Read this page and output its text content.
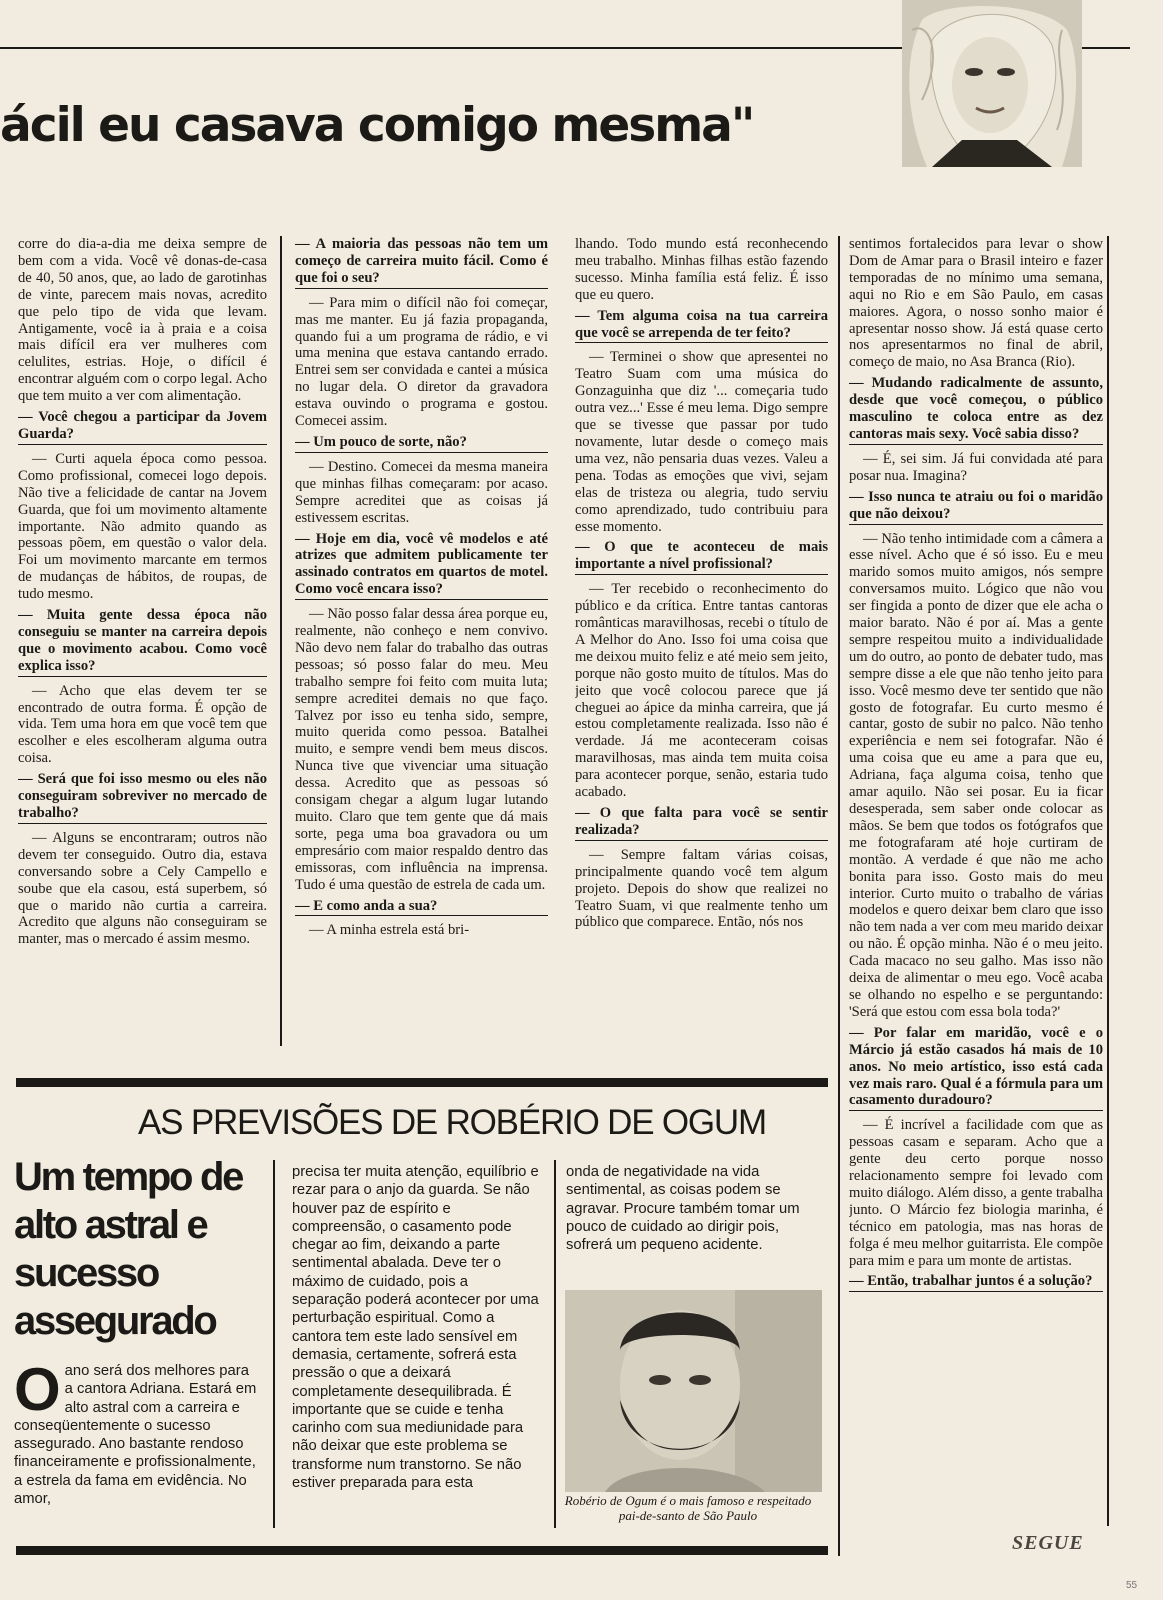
ácil eu casava comigo mesma"

corre do dia-a-dia me deixa sempre de bem com a vida. Você vê donas-de-casa de 40, 50 anos, que, ao lado de garotinhas de vinte, parecem mais novas, acredito que pelo tipo de vida que levam. Antigamente, você ia à praia e a coisa mais difícil era ver mulheres com celulites, estrias. Hoje, o difícil é encontrar alguém com o corpo legal. Acho que tem muito a ver com alimentação.

— Você chegou a participar da Jovem Guarda?

— Curti aquela época como pessoa. Como profissional, comecei logo depois. Não tive a felicidade de cantar na Jovem Guarda, que foi um movimento altamente importante. Não admito quando as pessoas põem, em questão o valor dela. Foi um movimento marcante em termos de mudanças de hábitos, de roupas, de tudo mesmo.

— Muita gente dessa época não conseguiu se manter na carreira depois que o movimento acabou. Como você explica isso?

— Acho que elas devem ter se encontrado de outra forma. É opção de vida. Tem uma hora em que você tem que escolher e eles escolheram alguma outra coisa.

— Será que foi isso mesmo ou eles não conseguiram sobreviver no mercado de trabalho?

— Alguns se encontraram; outros não devem ter conseguido. Outro dia, estava conversando sobre a Cely Campello e soube que ela casou, está superbem, só que o marido não curtia a carreira. Acredito que alguns não conseguiram se manter, mas o mercado é assim mesmo.

— A maioria das pessoas não tem um começo de carreira muito fácil. Como é que foi o seu?

— Para mim o difícil não foi começar, mas me manter. Eu já fazia propaganda, quando fui a um programa de rádio, e vi uma menina que estava cantando errado. Entrei sem ser convidada e cantei a música no lugar dela. O diretor da gravadora estava ouvindo o programa e gostou. Comecei assim.

— Um pouco de sorte, não?

— Destino. Comecei da mesma maneira que minhas filhas começaram: por acaso. Sempre acreditei que as coisas já estivessem escritas.

— Hoje em dia, você vê modelos e até atrizes que admitem publicamente ter assinado contratos em quartos de motel. Como você encara isso?

— Não posso falar dessa área porque eu, realmente, não conheço e nem convivo. Não devo nem falar do trabalho das outras pessoas; só posso falar do meu. Meu trabalho sempre foi feito com muita luta; sempre acreditei demais no que faço. Talvez por isso eu tenha sido, sempre, muito querida como pessoa. Batalhei muito, e sempre vendi bem meus discos. Nunca tive que vivenciar uma situação dessa. Acredito que as pessoas só consigam chegar a algum lugar lutando muito. Claro que tem gente que dá mais sorte, pega uma boa gravadora ou um empresário com maior respaldo dentro das emissoras, com influência na imprensa. Tudo é uma questão de estrela de cada um.

— E como anda a sua?

— A minha estrela está bri-

lhando. Todo mundo está reconhecendo meu trabalho. Minhas filhas estão fazendo sucesso. Minha família está feliz. É isso que eu quero.

— Tem alguma coisa na tua carreira que você se arrependa de ter feito?

— Terminei o show que apresentei no Teatro Suam com uma música do Gonzaguinha que diz '... começaria tudo outra vez...' Esse é meu lema. Digo sempre que se tivesse que passar por tudo novamente, lutar desde o começo mais uma vez, não pensaria duas vezes. Valeu a pena. Todas as emoções que vivi, sejam elas de tristeza ou alegria, tudo serviu como aprendizado, tudo contribuiu para esse momento.

— O que te aconteceu de mais importante a nível profissional?

— Ter recebido o reconhecimento do público e da crítica. Entre tantas cantoras românticas maravilhosas, recebi o título de A Melhor do Ano. Isso foi uma coisa que me deixou muito feliz e até meio sem jeito, porque não gosto muito de títulos. Mas do jeito que você colocou parece que já cheguei ao ápice da minha carreira, que já estou completamente realizada. Isso não é verdade. Já me aconteceram coisas maravilhosas, mas ainda tem muita coisa para acontecer porque, senão, estaria tudo acabado.

— O que falta para você se sentir realizada?

— Sempre faltam várias coisas, principalmente quando você tem algum projeto. Depois do show que realizei no Teatro Suam, vi que realmente tenho um público que comparece. Então, nós nos

sentimos fortalecidos para levar o show Dom de Amar para o Brasil inteiro e fazer temporadas de no mínimo uma semana, aqui no Rio e em São Paulo, em casas maiores. Agora, o nosso sonho maior é apresentar nosso show. Já está quase certo nos apresentarmos no final de abril, começo de maio, no Asa Branca (Rio).

— Mudando radicalmente de assunto, desde que você começou, o público masculino te coloca entre as dez cantoras mais sexy. Você sabia disso?

— É, sei sim. Já fui convidada até para posar nua. Imagina?

— Isso nunca te atraiu ou foi o maridão que não deixou?

— Não tenho intimidade com a câmera a esse nível. Acho que é só isso. Eu e meu marido somos muito amigos, nós sempre conversamos muito. Lógico que não vou ser fingida a ponto de dizer que ele acha o maior barato. Não é por aí. Mas a gente sempre respeitou muito a individualidade um do outro, ao ponto de debater tudo, mas sempre disse a ele que não tenho jeito para isso. Você mesmo deve ter sentido que não gosto de fotografar. Eu curto mesmo é cantar, gosto de subir no palco. Não tenho experiência e nem sei fotografar. Não é uma coisa que eu ame a para que eu, Adriana, faça alguma coisa, tenho que amar aquilo. Não sei posar. Eu ia ficar desesperada, sem saber onde colocar as mãos. Se bem que todos os fotógrafos que me fotografaram até hoje curtiram de montão. A verdade é que não me acho bonita para isso. Gosto mais do meu interior. Curto muito o trabalho de várias modelos e quero deixar bem claro que isso não tem nada a ver com meu marido deixar ou não. É opção minha. Não é o meu jeito. Cada macaco no seu galho. Mas isso não deixa de alimentar o meu ego. Você acaba se olhando no espelho e se perguntando: 'Será que estou com essa bola toda?'

— Por falar em maridão, você e o Márcio já estão casados há mais de 10 anos. No meio artístico, isso está cada vez mais raro. Qual é a fórmula para um casamento duradouro?

— É incrível a facilidade com que as pessoas casam e separam. Acho que a gente deu certo porque nosso relacionamento sempre foi levado com muito diálogo. Além disso, a gente trabalha junto. O Márcio fez biologia marinha, é técnico em patologia, mas nas horas de folga é meu melhor guitarrista. Ele compõe para mim e para um monte de artistas.

— Então, trabalhar juntos é a solução?

AS PREVISÕES DE ROBÉRIO DE OGUM
Um tempo de alto astral e sucesso assegurado
Oano será dos melhores para a cantora Adriana. Estará em alto astral com a carreira e conseqüentemente o sucesso assegurado. Ano bastante rendoso financeiramente e profissionalmente, a estrela da fama em evidência. No amor,
precisa ter muita atenção, equilíbrio e rezar para o anjo da guarda. Se não houver paz de espírito e compreensão, o casamento pode chegar ao fim, deixando a parte sentimental abalada. Deve ter o máximo de cuidado, pois a separação poderá acontecer por uma perturbação espiritual. Como a cantora tem este lado sensível em demasia, certamente, sofrerá esta pressão o que a deixará completamente desequilibrada. É importante que se cuide e tenha carinho com sua mediunidade para não deixar que este problema se transforme num transtorno. Se não estiver preparada para esta
onda de negatividade na vida sentimental, as coisas podem se agravar. Procure também tomar um pouco de cuidado ao dirigir pois, sofrerá um pequeno acidente.
Robério de Ogum é o mais famoso e respeitado pai-de-santo de São Paulo
SEGUE
55
